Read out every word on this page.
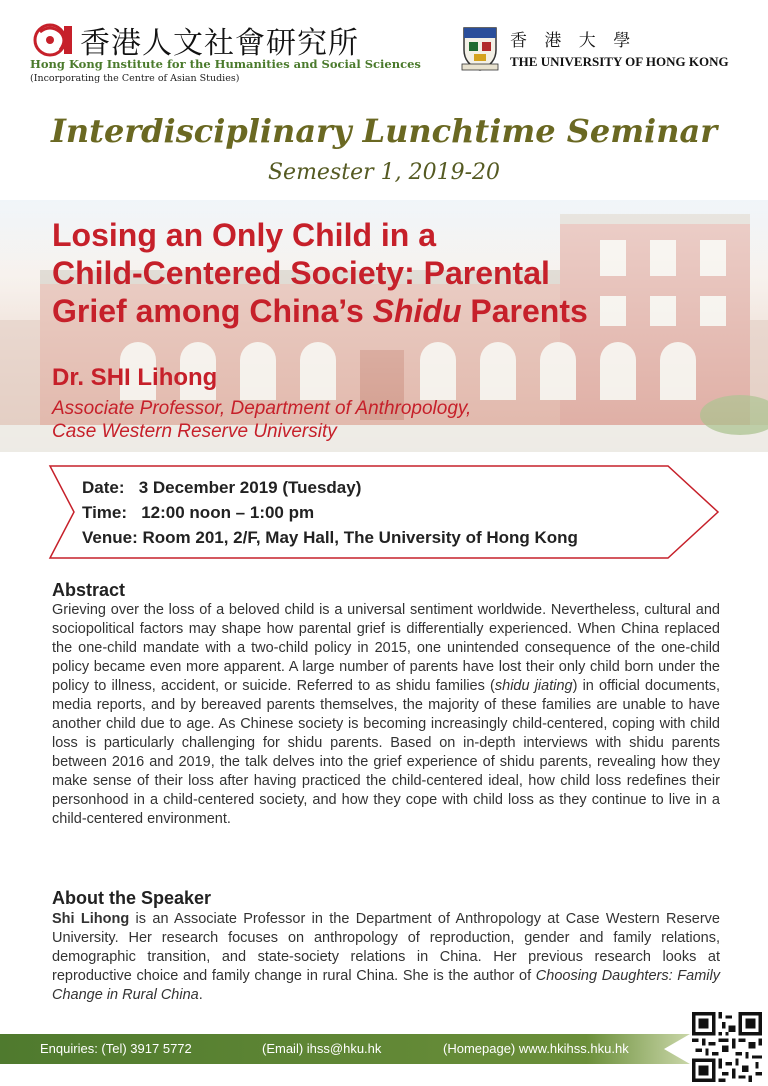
香港人文社會研究所
Hong Kong Institute for the Humanities and Social Sciences
(Incorporating the Centre of Asian Studies)
香 港 大 學
THE UNIVERSITY OF HONG KONG
Interdisciplinary Lunchtime Seminar
Semester 1, 2019-20
Losing an Only Child in a
Child-Centered Society: Parental
Grief among China’s Shidu Parents
Dr. SHI Lihong
Associate Professor, Department of Anthropology,
Case Western Reserve University
Date: 3 December 2019 (Tuesday)
Time: 12:00 noon – 1:00 pm
Venue: Room 201, 2/F, May Hall, The University of Hong Kong
Abstract
Grieving over the loss of a beloved child is a universal sentiment worldwide. Nevertheless, cultural and sociopolitical factors may shape how parental grief is differentially experienced. When China replaced the one-child mandate with a two-child policy in 2015, one unintended consequence of the one-child policy became even more apparent. A large number of parents have lost their only child born under the policy to illness, accident, or suicide. Referred to as shidu families (shidu jiating) in official documents, media reports, and by bereaved parents themselves, the majority of these families are unable to have another child due to age. As Chinese society is becoming increasingly child-centered, coping with child loss is particularly challenging for shidu parents. Based on in-depth interviews with shidu parents between 2016 and 2019, the talk delves into the grief experience of shidu parents, revealing how they make sense of their loss after having practiced the child-centered ideal, how child loss redefines their personhood in a child-centered society, and how they cope with child loss as they continue to live in a child-centered environment.
About the Speaker
Shi Lihong is an Associate Professor in the Department of Anthropology at Case Western Reserve University. Her research focuses on anthropology of reproduction, gender and family relations, demographic transition, and state-society relations in China. Her previous research looks at reproductive choice and family change in rural China. She is the author of Choosing Daughters: Family Change in Rural China.
Enquiries: (Tel) 3917 5772	(Email) ihss@hku.hk	(Homepage) www.hkihss.hku.hk
